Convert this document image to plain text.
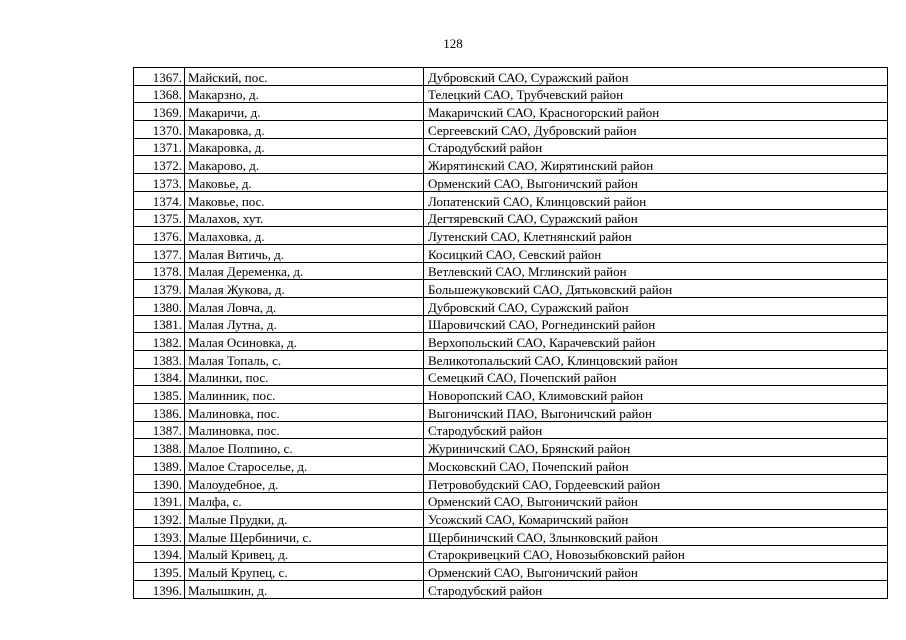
128
1367.	Майский, пос.	Дубровский САО, Суражский район
1368.	Макарзно, д.	Телецкий САО, Трубчевский район
1369.	Макаричи, д.	Макаричский САО, Красногорский район
1370.	Макаровка, д.	Сергеевский САО, Дубровский район
1371.	Макаровка, д.	Стародубский район
1372.	Макарово, д.	Жирятинский САО, Жирятинский район
1373.	Маковье, д.	Орменский САО, Выгоничский район
1374.	Маковье, пос.	Лопатенский САО, Клинцовский район
1375.	Малахов, хут.	Дегтяревский САО, Суражский район
1376.	Малаховка, д.	Лутенский САО, Клетнянский район
1377.	Малая Витичь, д.	Косицкий САО, Севский район
1378.	Малая Деременка, д.	Ветлевский САО, Мглинский район
1379.	Малая Жукова, д.	Большежуковский САО, Дятьковский район
1380.	Малая Ловча, д.	Дубровский САО, Суражский район
1381.	Малая Лутна, д.	Шаровичский САО, Рогнединский район
1382.	Малая Осиновка, д.	Верхопольский САО, Карачевский район
1383.	Малая Топаль, с.	Великотопальский САО, Клинцовский район
1384.	Малинки, пос.	Семецкий САО, Почепский район
1385.	Малинник, пос.	Новоропский САО, Климовский район
1386.	Малиновка, пос.	Выгоничский ПАО, Выгоничский район
1387.	Малиновка, пос.	Стародубский район
1388.	Малое Полпино, с.	Журиничский САО, Брянский район
1389.	Малое Староселье, д.	Московский САО, Почепский район
1390.	Малоудебное, д.	Петровобудский САО, Гордеевский район
1391.	Малфа, с.	Орменский САО, Выгоничский район
1392.	Малые Прудки, д.	Усожский САО, Комаричский район
1393.	Малые Щербиничи, с.	Щербиничский САО, Злынковский район
1394.	Малый Кривец, д.	Старокривецкий САО, Новозыбковский район
1395.	Малый Крупец, с.	Орменский САО, Выгоничский район
1396.	Малышкин, д.	Стародубский район
